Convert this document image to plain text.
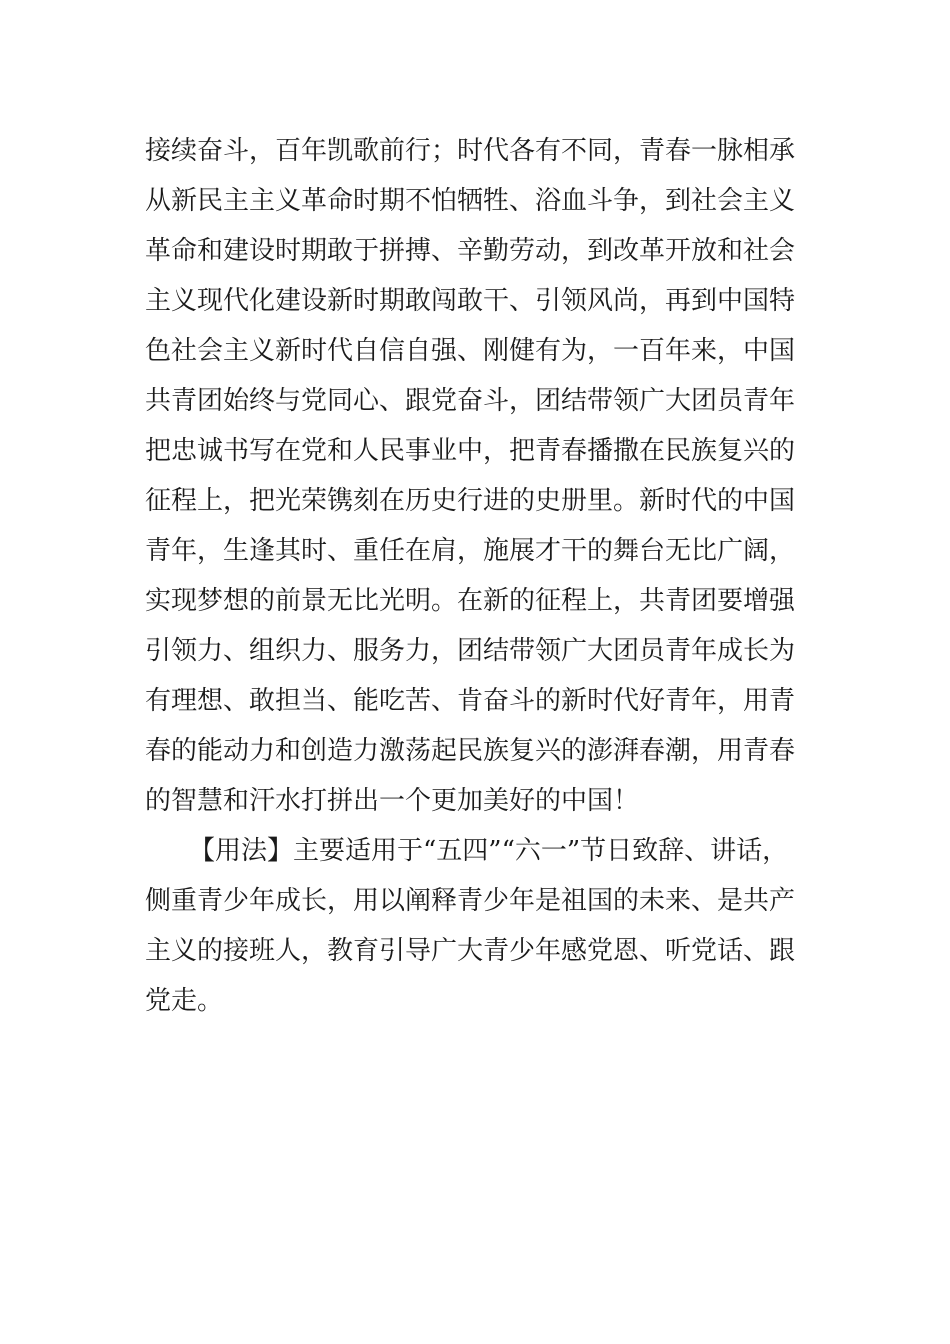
接续奋斗，百年凯歌前行；时代各有不同，青春一脉相承
从新民主主义革命时期不怕牺牲、浴血斗争，到社会主义
革命和建设时期敢于拼搏、辛勤劳动，到改革开放和社会
主义现代化建设新时期敢闯敢干、引领风尚，再到中国特
色社会主义新时代自信自强、刚健有为，一百年来，中国
共青团始终与党同心、跟党奋斗，团结带领广大团员青年
把忠诚书写在党和人民事业中，把青春播撒在民族复兴的
征程上，把光荣镌刻在历史行进的史册里。新时代的中国
青年，生逢其时、重任在肩，施展才干的舞台无比广阔，
实现梦想的前景无比光明。在新的征程上，共青团要增强
引领力、组织力、服务力，团结带领广大团员青年成长为
有理想、敢担当、能吃苦、肯奋斗的新时代好青年，用青
春的能动力和创造力激荡起民族复兴的澎湃春潮，用青春
的智慧和汗水打拼出一个更加美好的中国！
【用法】主要适用于“五四”“六一”节日致辞、讲话，
侧重青少年成长，用以阐释青少年是祖国的未来、是共产
主义的接班人，教育引导广大青少年感党恩、听党话、跟
党走。
